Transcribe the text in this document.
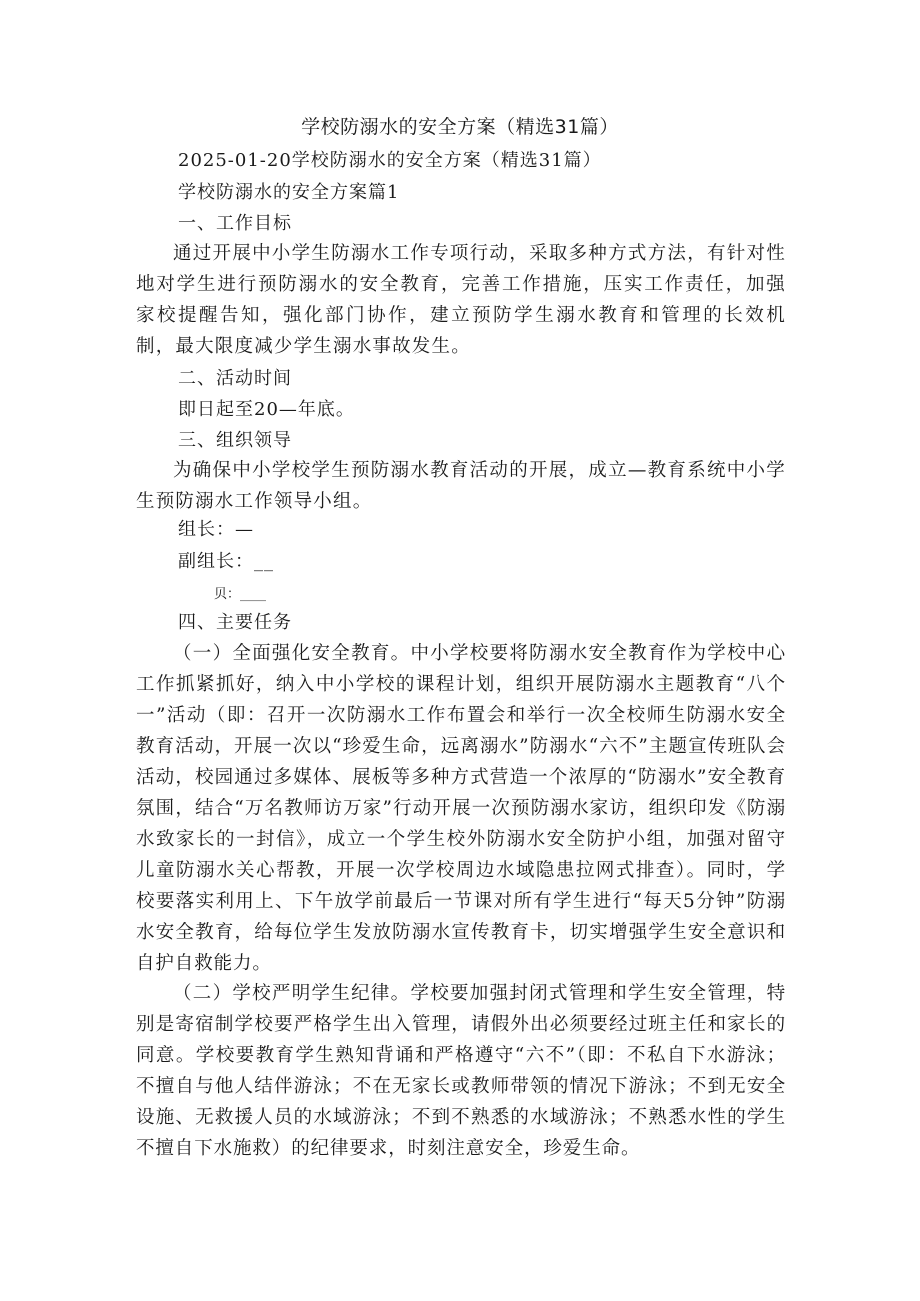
学校防溺水的安全方案（精选31篇）
2025-01-20学校防溺水的安全方案（精选31篇）
学校防溺水的安全方案篇1
一、工作目标
通过开展中小学生防溺水工作专项行动，采取多种方式方法，有针对性地对学生进行预防溺水的安全教育，完善工作措施，压实工作责任，加强家校提醒告知，强化部门协作，建立预防学生溺水教育和管理的长效机制，最大限度减少学生溺水事故发生。
二、活动时间
即日起至20—年底。
三、组织领导
为确保中小学校学生预防溺水教育活动的开展，成立—教育系统中小学生预防溺水工作领导小组。
组长：—
副组长：__
贝：____
四、主要任务
（一）全面强化安全教育。中小学校要将防溺水安全教育作为学校中心工作抓紧抓好，纳入中小学校的课程计划，组织开展防溺水主题教育“八个一”活动（即：召开一次防溺水工作布置会和举行一次全校师生防溺水安全教育活动，开展一次以“珍爱生命，远离溺水”防溺水“六不”主题宣传班队会活动，校园通过多媒体、展板等多种方式营造一个浓厚的“防溺水”安全教育氛围，结合“万名教师访万家”行动开展一次预防溺水家访，组织印发《防溺水致家长的一封信》，成立一个学生校外防溺水安全防护小组，加强对留守儿童防溺水关心帮教，开展一次学校周边水域隐患拉网式排查）。同时，学校要落实利用上、下午放学前最后一节课对所有学生进行“每天5分钟”防溺水安全教育，给每位学生发放防溺水宣传教育卡，切实增强学生安全意识和自护自救能力。
（二）学校严明学生纪律。学校要加强封闭式管理和学生安全管理，特别是寄宿制学校要严格学生出入管理，请假外出必须要经过班主任和家长的同意。学校要教育学生熟知背诵和严格遵守“六不”（即：不私自下水游泳；不擅自与他人结伴游泳；不在无家长或教师带领的情况下游泳；不到无安全设施、无救援人员的水域游泳；不到不熟悉的水域游泳；不熟悉水性的学生不擅自下水施救）的纪律要求，时刻注意安全，珍爱生命。
